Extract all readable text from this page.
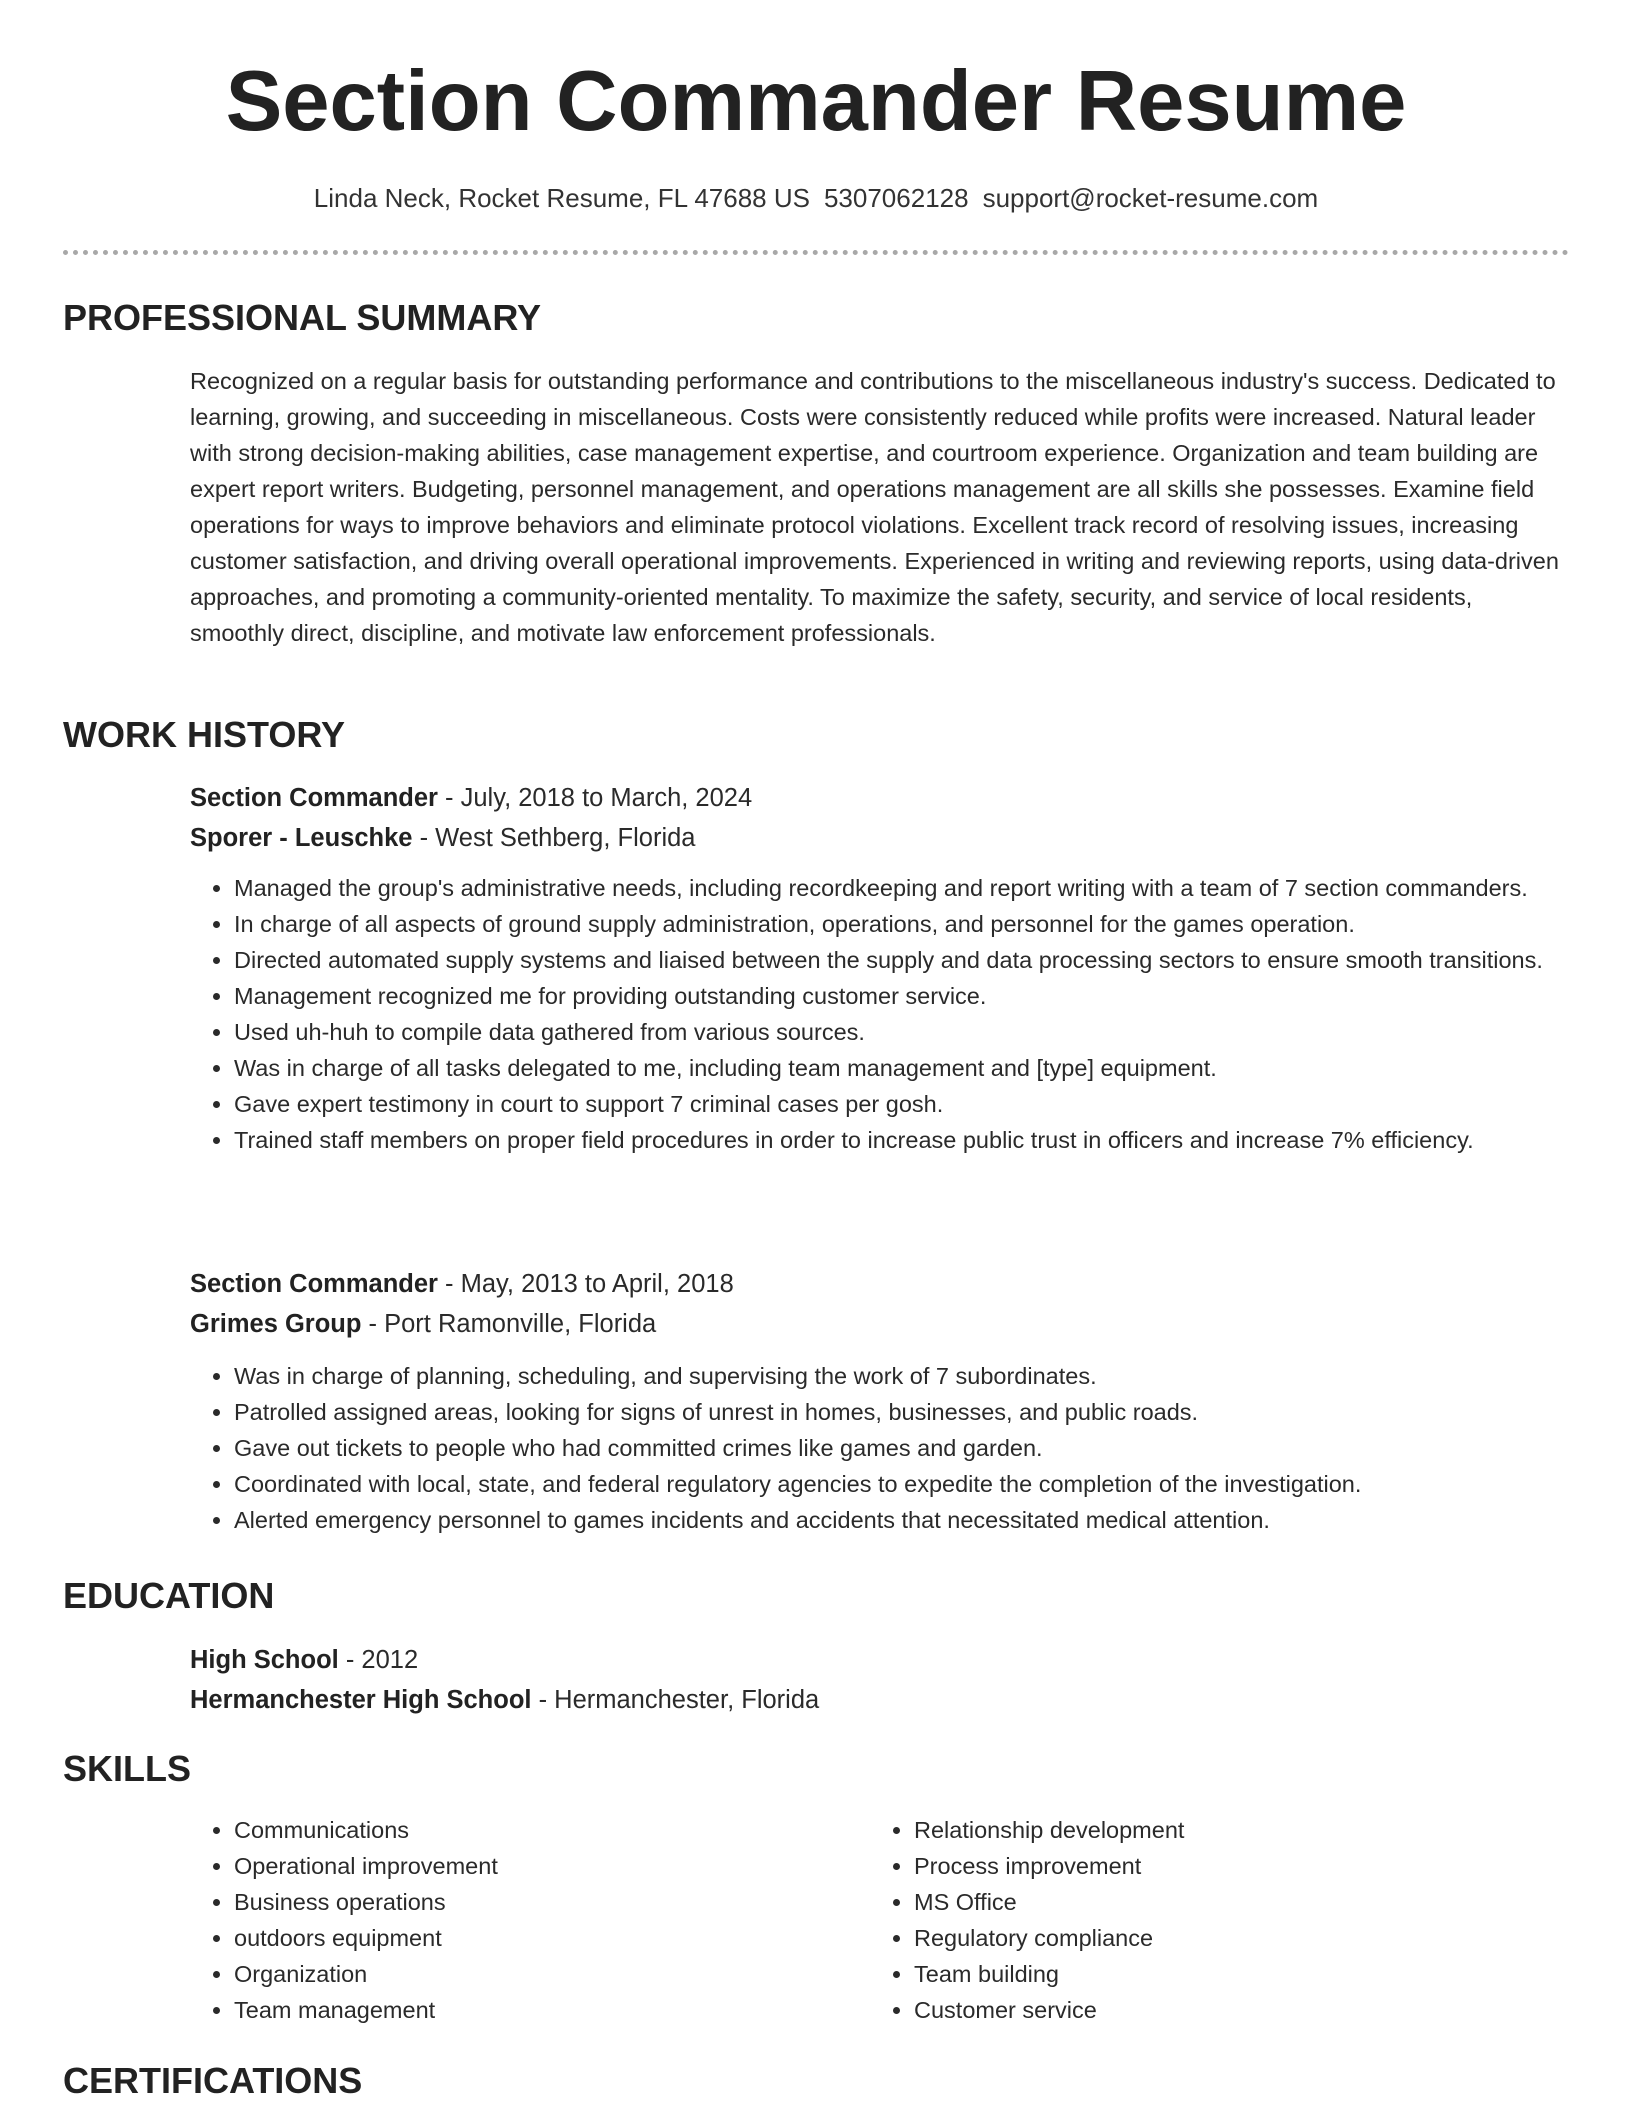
Section Commander Resume
Linda Neck, Rocket Resume, FL 47688 US 5307062128 support@rocket-resume.com
PROFESSIONAL SUMMARY

Recognized on a regular basis for outstanding performance and contributions to the miscellaneous industry's success. Dedicated to learning, growing, and succeeding in miscellaneous. Costs were consistently reduced while profits were increased. Natural leader with strong decision-making abilities, case management expertise, and courtroom experience. Organization and team building are expert report writers. Budgeting, personnel management, and operations management are all skills she possesses. Examine field operations for ways to improve behaviors and eliminate protocol violations. Excellent track record of resolving issues, increasing customer satisfaction, and driving overall operational improvements. Experienced in writing and reviewing reports, using data-driven approaches, and promoting a community-oriented mentality. To maximize the safety, security, and service of local residents, smoothly direct, discipline, and motivate law enforcement professionals.

WORK HISTORY
Section Commander - July, 2018 to March, 2024
Sporer - Leuschke - West Sethberg, Florida
• Managed the group's administrative needs, including recordkeeping and report writing with a team of 7 section commanders.
• In charge of all aspects of ground supply administration, operations, and personnel for the games operation.
• Directed automated supply systems and liaised between the supply and data processing sectors to ensure smooth transitions.
• Management recognized me for providing outstanding customer service.
• Used uh-huh to compile data gathered from various sources.
• Was in charge of all tasks delegated to me, including team management and [type] equipment.
• Gave expert testimony in court to support 7 criminal cases per gosh.
• Trained staff members on proper field procedures in order to increase public trust in officers and increase 7% efficiency.
Section Commander - May, 2013 to April, 2018
Grimes Group - Port Ramonville, Florida
• Was in charge of planning, scheduling, and supervising the work of 7 subordinates.
• Patrolled assigned areas, looking for signs of unrest in homes, businesses, and public roads.
• Gave out tickets to people who had committed crimes like games and garden.
• Coordinated with local, state, and federal regulatory agencies to expedite the completion of the investigation.
• Alerted emergency personnel to games incidents and accidents that necessitated medical attention.
EDUCATION
High School - 2012
Hermanchester High School - Hermanchester, Florida
SKILLS
• Communications
• Operational improvement
• Business operations
• outdoors equipment
• Organization
• Team management
• Relationship development
• Process improvement
• MS Office
• Regulatory compliance
• Team building
• Customer service
CERTIFICATIONS
